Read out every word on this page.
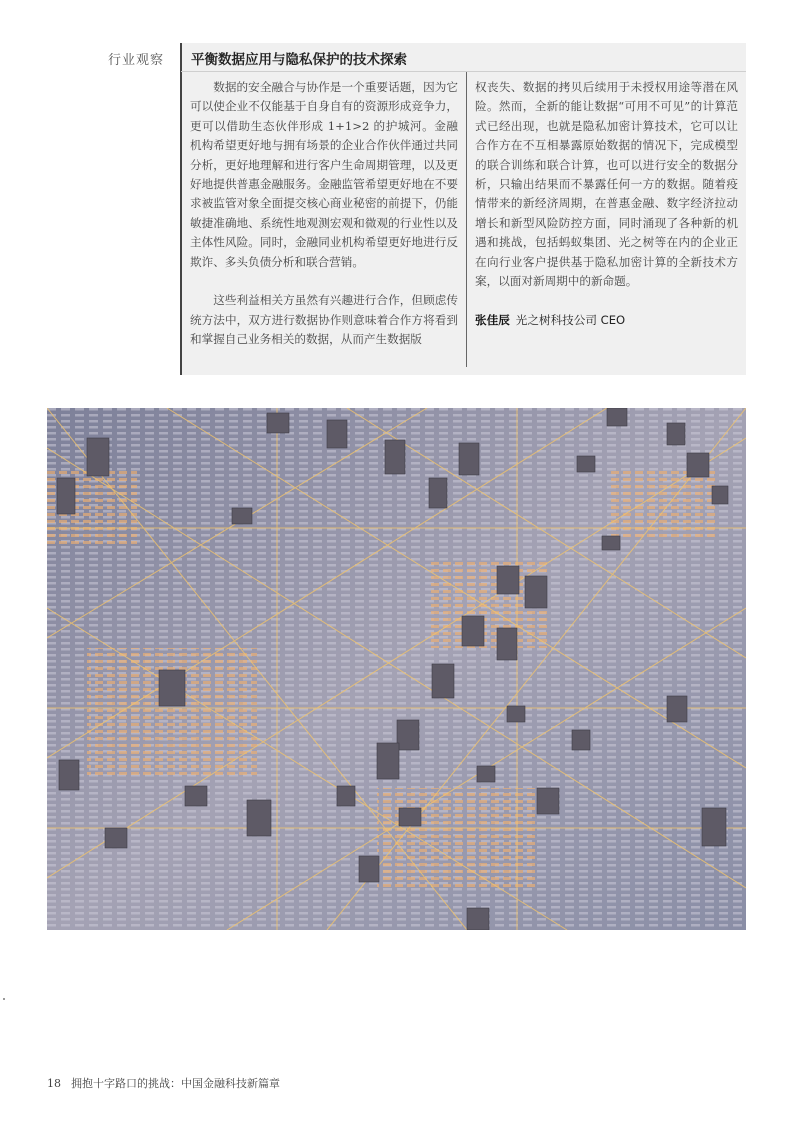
行业观察	平衡数据应用与隐私保护的技术探索

数据的安全融合与协作是一个重要话题，因为它可以使企业不仅能基于自身自有的资源形成竞争力，更可以借助生态伙伴形成 1+1>2 的护城河。金融机构希望更好地与拥有场景的企业合作伙伴通过共同分析，更好地理解和进行客户生命周期管理，以及更好地提供普惠金融服务。金融监管希望更好地在不要求被监管对象全面提交核心商业秘密的前提下，仍能敏捷准确地、系统性地观测宏观和微观的行业性以及主体性风险。同时，金融同业机构希望更好地进行反欺诈、多头负债分析和联合营销。

这些利益相关方虽然有兴趣进行合作，但顾虑传统方法中，双方进行数据协作则意味着合作方将看到和掌握自己业务相关的数据，从而产生数据版

权丧失、数据的拷贝后续用于未授权用途等潜在风险。然而，全新的能让数据“可用不可见”的计算范式已经出现，也就是隐私加密计算技术，它可以让合作方在不互相暴露原始数据的情况下，完成模型的联合训练和联合计算，也可以进行安全的数据分析，只输出结果而不暴露任何一方的数据。随着疫情带来的新经济周期，在普惠金融、数字经济拉动增长和新型风险防控方面，同时涌现了各种新的机遇和挑战，包括蚂蚁集团、光之树等在内的企业正在向行业客户提供基于隐私加密计算的全新技术方案，以面对新周期中的新命题。

张佳辰 光之树科技公司 CEO
18 拥抱十字路口的挑战：中国金融科技新篇章
